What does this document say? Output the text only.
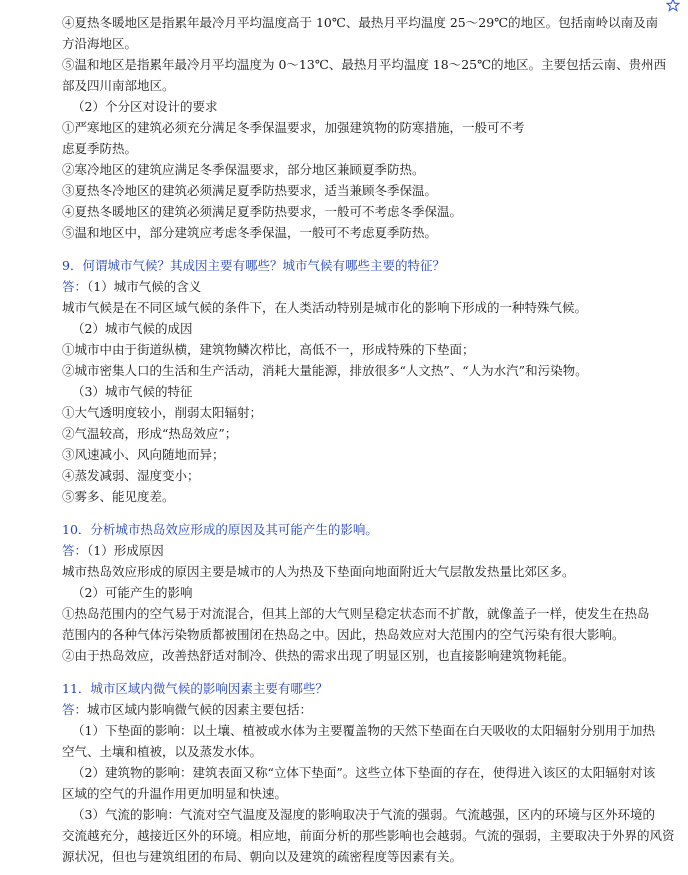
④夏热冬暖地区是指累年最冷月平均温度高于 10℃、最热月平均温度 25～29℃的地区。包括南岭以南及南
方沿海地区。
⑤温和地区是指累年最冷月平均温度为 0～13℃、最热月平均温度 18～25℃的地区。主要包括云南、贵州西
部及四川南部地区。
（2）个分区对设计的要求
①严寒地区的建筑必须充分满足冬季保温要求，加强建筑物的防寒措施，一般可不考
虑夏季防热。
②寒冷地区的建筑应满足冬季保温要求，部分地区兼顾夏季防热。
③夏热冬冷地区的建筑必须满足夏季防热要求，适当兼顾冬季保温。
④夏热冬暖地区的建筑必须满足夏季防热要求，一般可不考虑冬季保温。
⑤温和地区中，部分建筑应考虑冬季保温，一般可不考虑夏季防热。
9．何谓城市气候？其成因主要有哪些？城市气候有哪些主要的特征？
答：（1）城市气候的含义
城市气候是在不同区域气候的条件下，在人类活动特别是城市化的影响下形成的一种特殊气候。
（2）城市气候的成因
①城市中由于街道纵横，建筑物鳞次栉比，高低不一，形成特殊的下垫面；
②城市密集人口的生活和生产活动，消耗大量能源，排放很多“人文热”、“人为水汽”和污染物。
（3）城市气候的特征
①大气透明度较小，削弱太阳辐射；
②气温较高，形成“热岛效应”；
③风速减小、风向随地而异；
④蒸发减弱、湿度变小；
⑤雾多、能见度差。
10．分析城市热岛效应形成的原因及其可能产生的影响。
答：（1）形成原因
城市热岛效应形成的原因主要是城市的人为热及下垫面向地面附近大气层散发热量比郊区多。
（2）可能产生的影响
①热岛范围内的空气易于对流混合，但其上部的大气则呈稳定状态而不扩散，就像盖子一样，使发生在热岛
范围内的各种气体污染物质都被围闭在热岛之中。因此，热岛效应对大范围内的空气污染有很大影响。
②由于热岛效应，改善热舒适对制冷、供热的需求出现了明显区别，也直接影响建筑物耗能。
11．城市区域内微气候的影响因素主要有哪些？
答：城市区域内影响微气候的因素主要包括：
（1）下垫面的影响：以土壤、植被或水体为主要覆盖物的天然下垫面在白天吸收的太阳辐射分别用于加热
空气、土壤和植被，以及蒸发水体。
（2）建筑物的影响：建筑表面又称“立体下垫面”。这些立体下垫面的存在，使得进入该区的太阳辐射对该
区域的空气的升温作用更加明显和快速。
（3）气流的影响：气流对空气温度及湿度的影响取决于气流的强弱。气流越强，区内的环境与区外环境的
交流越充分，越接近区外的环境。相应地，前面分析的那些影响也会越弱。气流的强弱，主要取决于外界的风资
源状况，但也与建筑组团的布局、朝向以及建筑的疏密程度等因素有关。
